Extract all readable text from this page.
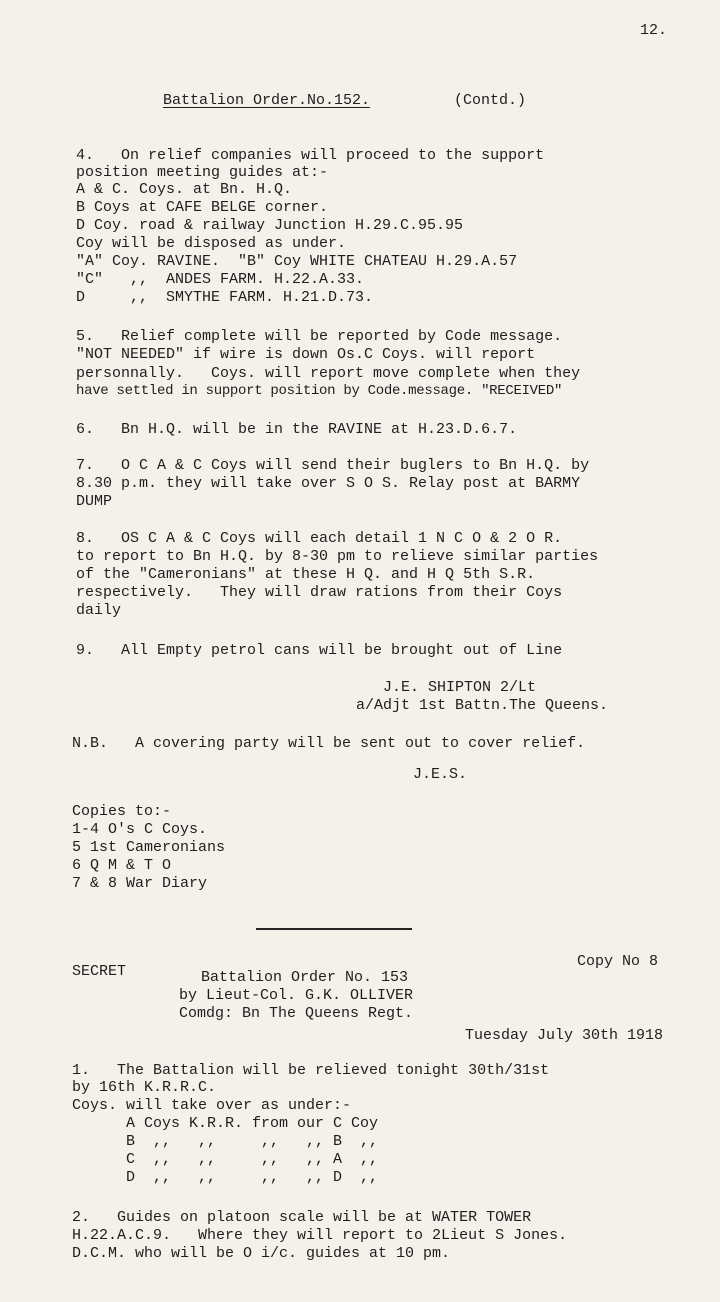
12.
Battalion Order.No.152.	(Contd.)
4.   On relief companies will proceed to the support
position meeting guides at:-
A & C. Coys. at Bn. H.Q.
B Coys at CAFE BELGE corner.
D Coy. road & railway Junction H.29.C.95.95
Coy will be disposed as under.
"A" Coy. RAVINE.  "B" Coy WHITE CHATEAU H.29.A.57
"C"   ,,  ANDES FARM. H.22.A.33.
D     ,,  SMYTHE FARM. H.21.D.73.
5.   Relief complete will be reported by Code message.
"NOT NEEDED" if wire is down Os.C Coys. will report
personnally.   Coys. will report move complete when they
have settled in support position by Code.message. "RECEIVED"
6.   Bn H.Q. will be in the RAVINE at H.23.D.6.7.
7.   O C A & C Coys will send their buglers to Bn H.Q. by
8.30 p.m. they will take over S O S. Relay post at BARMY
DUMP
8.   OS C A & C Coys will each detail 1 N C O & 2 O R.
to report to Bn H.Q. by 8-30 pm to relieve similar parties
of the "Cameronians" at these H Q. and H Q 5th S.R.
respectively.   They will draw rations from their Coys
daily
9.   All Empty petrol cans will be brought out of Line
J.E. SHIPTON 2/Lt
a/Adjt 1st Battn.The Queens.
N.B.   A covering party will be sent out to cover relief.
J.E.S.
Copies to:-
1-4 O's C Coys.
5 1st Cameronians
6 Q M & T O
7 & 8 War Diary
Copy No 8
SECRET	Battalion Order No. 153
by Lieut-Col. G.K. OLLIVER
Comdg: Bn The Queens Regt.
Tuesday July 30th 1918
1.   The Battalion will be relieved tonight 30th/31st
by 16th K.R.R.C.
Coys. will take over as under:-
A Coys K.R.R. from our C Coy
B  ,,   ,,     ,,   ,, B  ,,
C  ,,   ,,     ,,   ,, A  ,,
D  ,,   ,,     ,,   ,, D  ,,
2.   Guides on platoon scale will be at WATER TOWER
H.22.A.C.9.   Where they will report to 2Lieut S Jones.
D.C.M. who will be O i/c. guides at 10 pm.
